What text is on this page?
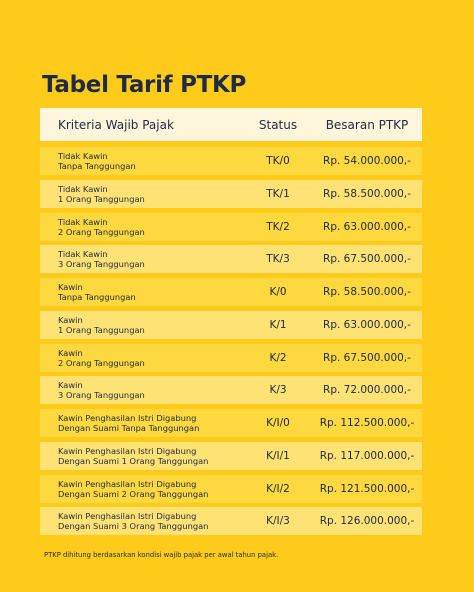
Tabel Tarif PTKP
Kriteria Wajib Pajak	Status	Besaran PTKP
Tidak Kawin
Tanpa Tanggungan	TK/0	Rp. 54.000.000,-
Tidak Kawin
1 Orang Tanggungan	TK/1	Rp. 58.500.000,-
Tidak Kawin
2 Orang Tanggungan	TK/2	Rp. 63.000.000,-
Tidak Kawin
3 Orang Tanggungan	TK/3	Rp. 67.500.000,-
Kawin
Tanpa Tanggungan	K/0	Rp. 58.500.000,-
Kawin
1 Orang Tanggungan	K/1	Rp. 63.000.000,-
Kawin
2 Orang Tanggungan	K/2	Rp. 67.500.000,-
Kawin
3 Orang Tanggungan	K/3	Rp. 72.000.000,-
Kawin Penghasilan Istri Digabung
Dengan Suami Tanpa Tanggungan	K/I/0	Rp. 112.500.000,-
Kawin Penghasilan Istri Digabung
Dengan Suami 1 Orang Tanggungan	K/I/1	Rp. 117.000.000,-
Kawin Penghasilan Istri Digabung
Dengan Suami 2 Orang Tanggungan	K/I/2	Rp. 121.500.000,-
Kawin Penghasilan Istri Digabung
Dengan Suami 3 Orang Tanggungan	K/I/3	Rp. 126.000.000,-

PTKP dihitung berdasarkan kondisi wajib pajak per awal tahun pajak.
